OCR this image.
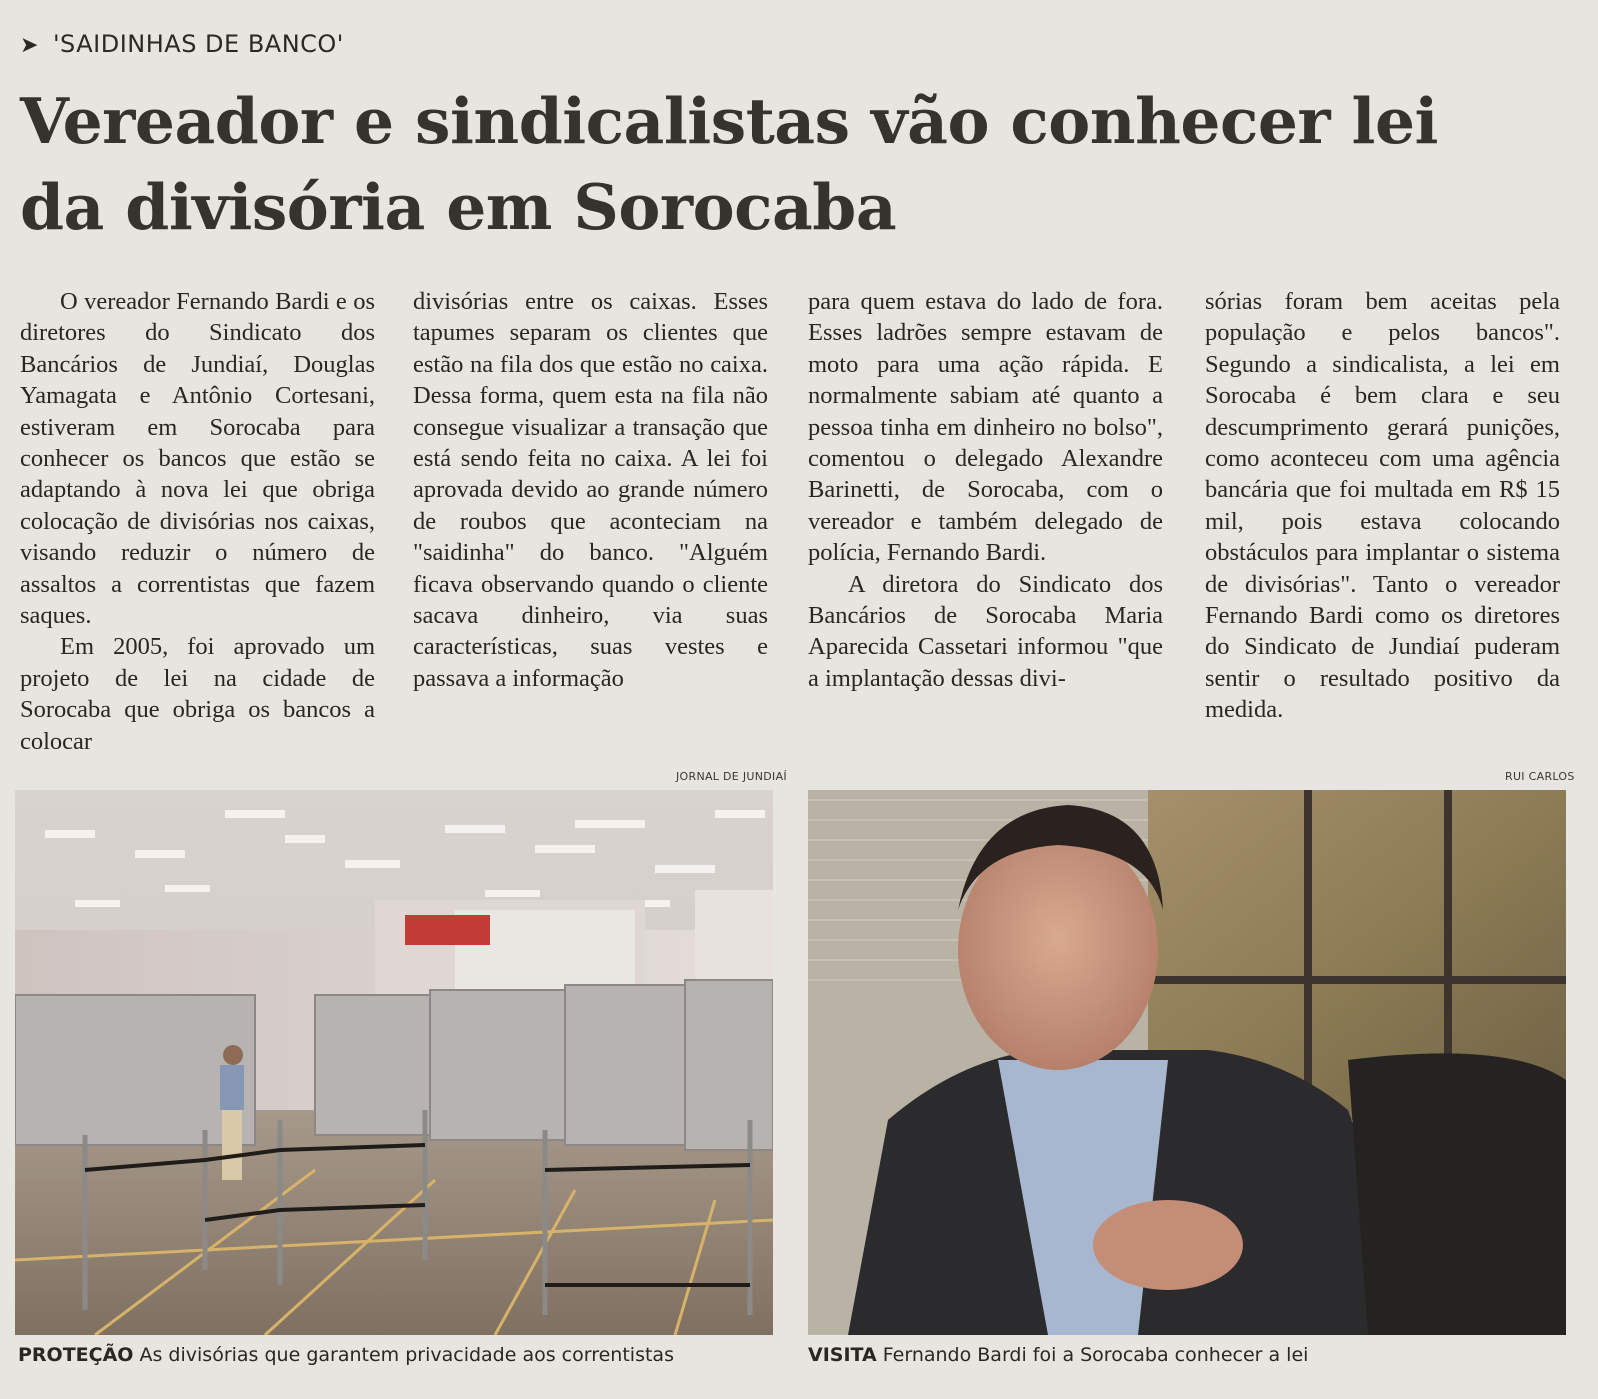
➤ 'SAIDINHAS DE BANCO'
Vereador e sindicalistas vão conhecer lei da divisória em Sorocaba

O vereador Fernando Bardi e os diretores do Sindicato dos Bancários de Jundiaí, Douglas Yamagata e Antônio Cortesani, estiveram em Sorocaba para conhecer os bancos que estão se adaptando à nova lei que obriga colocação de divisórias nos caixas, visando reduzir o número de assaltos a correntistas que fazem saques.

Em 2005, foi aprovado um projeto de lei na cidade de Sorocaba que obriga os bancos a colocar

divisórias entre os caixas. Esses tapumes separam os clientes que estão na fila dos que estão no caixa. Dessa forma, quem esta na fila não consegue visualizar a transação que está sendo feita no caixa. A lei foi aprovada devido ao grande número de roubos que aconteciam na "saidinha" do banco. "Alguém ficava observando quando o cliente sacava dinheiro, via suas características, suas vestes e passava a informação

para quem estava do lado de fora. Esses ladrões sempre estavam de moto para uma ação rápida. E normalmente sabiam até quanto a pessoa tinha em dinheiro no bolso", comentou o delegado Alexandre Barinetti, de Sorocaba, com o vereador e também delegado de polícia, Fernando Bardi.

A diretora do Sindicato dos Bancários de Sorocaba Maria Aparecida Cassetari informou "que a implantação dessas divi-

sórias foram bem aceitas pela população e pelos bancos". Segundo a sindicalista, a lei em Sorocaba é bem clara e seu descumprimento gerará punições, como aconteceu com uma agência bancária que foi multada em R$ 15 mil, pois estava colocando obstáculos para implantar o sistema de divisórias". Tanto o vereador Fernando Bardi como os diretores do Sindicato de Jundiaí puderam sentir o resultado positivo da medida.

JORNAL DE JUNDIAÍ	RUI CARLOS
PROTEÇÃO As divisórias que garantem privacidade aos correntistas	VISITA Fernando Bardi foi a Sorocaba conhecer a lei
